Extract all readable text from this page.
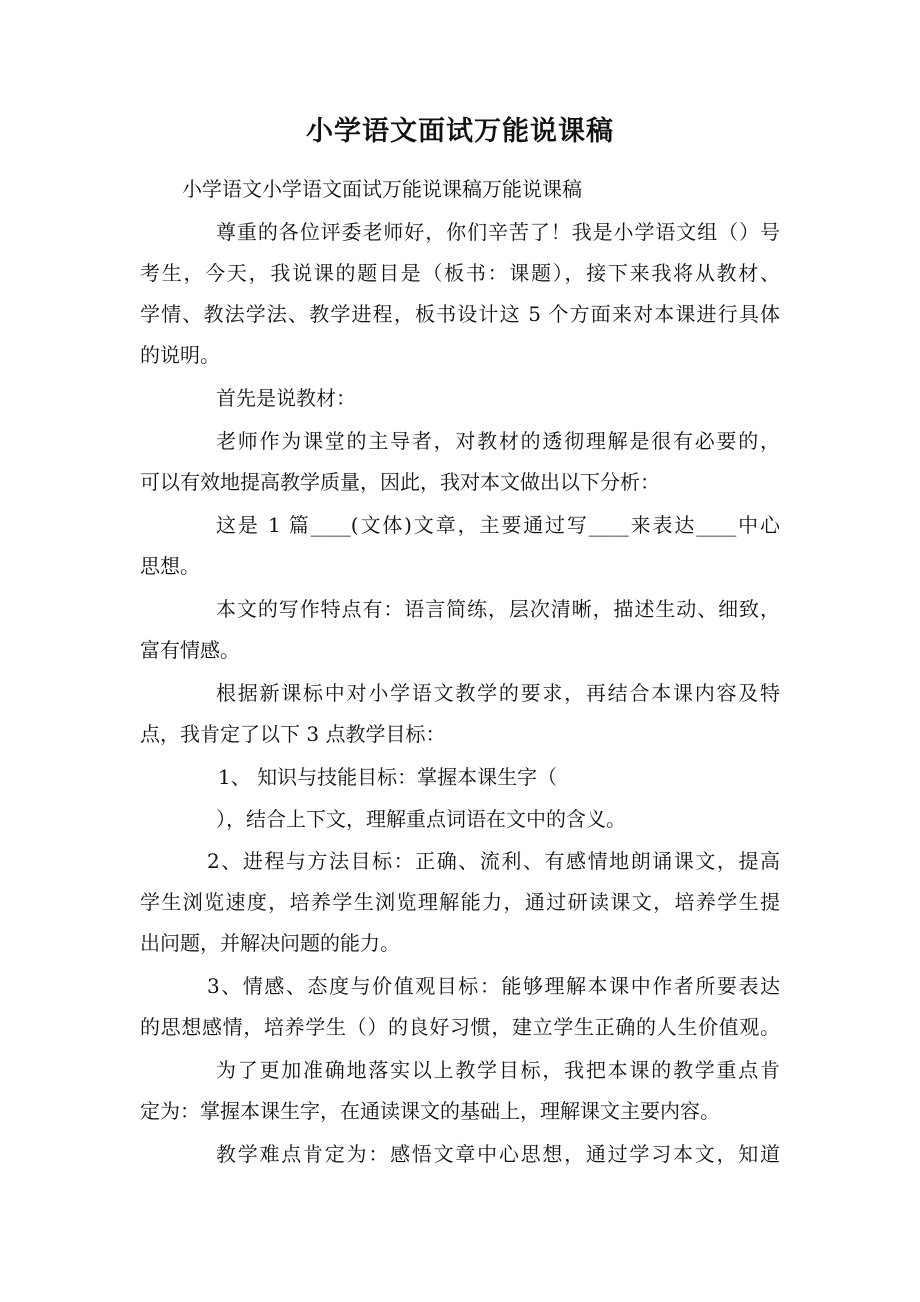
小学语文面试万能说课稿
小学语文小学语文面试万能说课稿万能说课稿
尊重的各位评委老师好，你们辛苦了！我是小学语文组（）号
考生，今天，我说课的题目是（板书：课题），接下来我将从教材、
学情、教法学法、教学进程，板书设计这 5 个方面来对本课进行具体
的说明。
首先是说教材：
老师作为课堂的主导者，对教材的透彻理解是很有必要的，
可以有效地提高教学质量，因此，我对本文做出以下分析：
这是 1 篇____(文体)文章，主要通过写____来表达____中心
思想。
本文的写作特点有：语言简练，层次清晰，描述生动、细致，
富有情感。
根据新课标中对小学语文教学的要求，再结合本课内容及特
点，我肯定了以下 3 点教学目标：
1、 知识与技能目标：掌握本课生字（
），结合上下文，理解重点词语在文中的含义。
2、进程与方法目标：正确、流利、有感情地朗诵课文，提高
学生浏览速度，培养学生浏览理解能力，通过研读课文，培养学生提
出问题，并解决问题的能力。
3、情感、态度与价值观目标：能够理解本课中作者所要表达
的思想感情，培养学生（）的良好习惯，建立学生正确的人生价值观。
为了更加准确地落实以上教学目标，我把本课的教学重点肯
定为：掌握本课生字，在通读课文的基础上，理解课文主要内容。
教学难点肯定为：感悟文章中心思想，通过学习本文，知道
